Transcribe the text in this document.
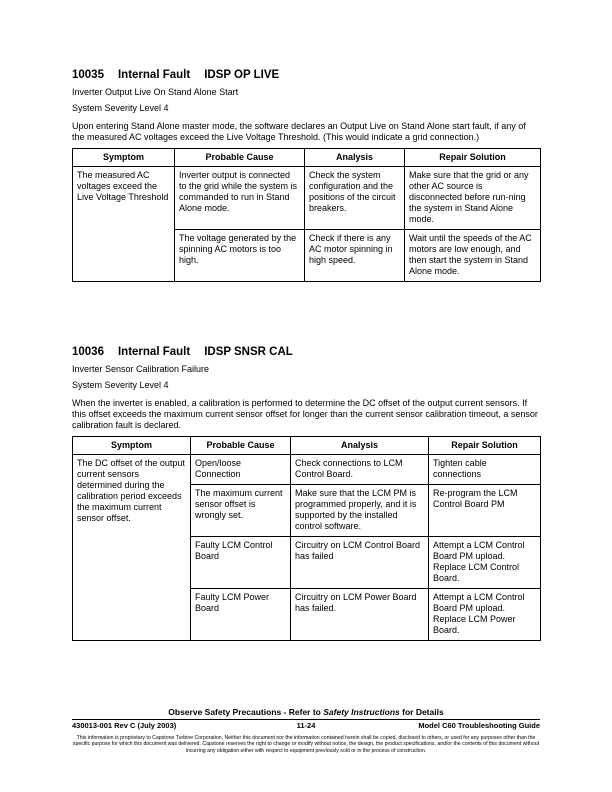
10035 Internal Fault IDSP OP LIVE

Inverter Output Live On Stand Alone Start

System Severity Level 4

Upon entering Stand Alone master mode, the software declares an Output Live on Stand Alone start fault, if any of the measured AC voltages exceed the Live Voltage Threshold. (This would indicate a grid connection.)

Symptom	Probable Cause	Analysis	Repair Solution
The measured AC voltages exceed the Live Voltage Threshold	Inverter output is connected to the grid while the system is commanded to run in Stand Alone mode.	Check the system configuration and the positions of the circuit breakers.	Make sure that the grid or any other AC source is disconnected before run-ning the system in Stand Alone mode.
	The voltage generated by the spinning AC motors is too high.	Check if there is any AC motor spinning in high speed.	Wait until the speeds of the AC motors are low enough, and then start the system in Stand Alone mode.

10036 Internal Fault IDSP SNSR CAL

Inverter Sensor Calibration Failure

System Severity Level 4

When the inverter is enabled, a calibration is performed to determine the DC offset of the output current sensors. If this offset exceeds the maximum current sensor offset for longer than the current sensor calibration timeout, a sensor calibration fault is declared.

Symptom	Probable Cause	Analysis	Repair Solution
The DC offset of the output current sensors determined during the calibration period exceeds the maximum current sensor offset.	Open/loose Connection	Check connections to LCM Control Board.	Tighten cable connections
	The maximum current sensor offset is wrongly set.	Make sure that the LCM PM is programmed properly, and it is supported by the installed control software.	Re-program the LCM Control Board PM
	Faulty LCM Control Board	Circuitry on LCM Control Board has failed	Attempt a LCM Control Board PM upload. Replace LCM Control Board.
	Faulty LCM Power Board	Circuitry on LCM Power Board has failed.	Attempt a LCM Control Board PM upload. Replace LCM Power Board.
Observe Safety Precautions - Refer to Safety Instructions for Details
430013-001 Rev C (July 2003)	11-24	Model C60 Troubleshooting Guide
This information is proprietary to Capstone Turbine Corporation. Neither this document nor the information contained herein shall be copied, disclosed to others, or used for any purposes other than the specific purpose for which this document was delivered. Capstone reserves the right to change or modify without notice, the design, the product specifications, and/or the contents of this document without incurring any obligation either with respect to equipment previously sold or in the process of construction.
